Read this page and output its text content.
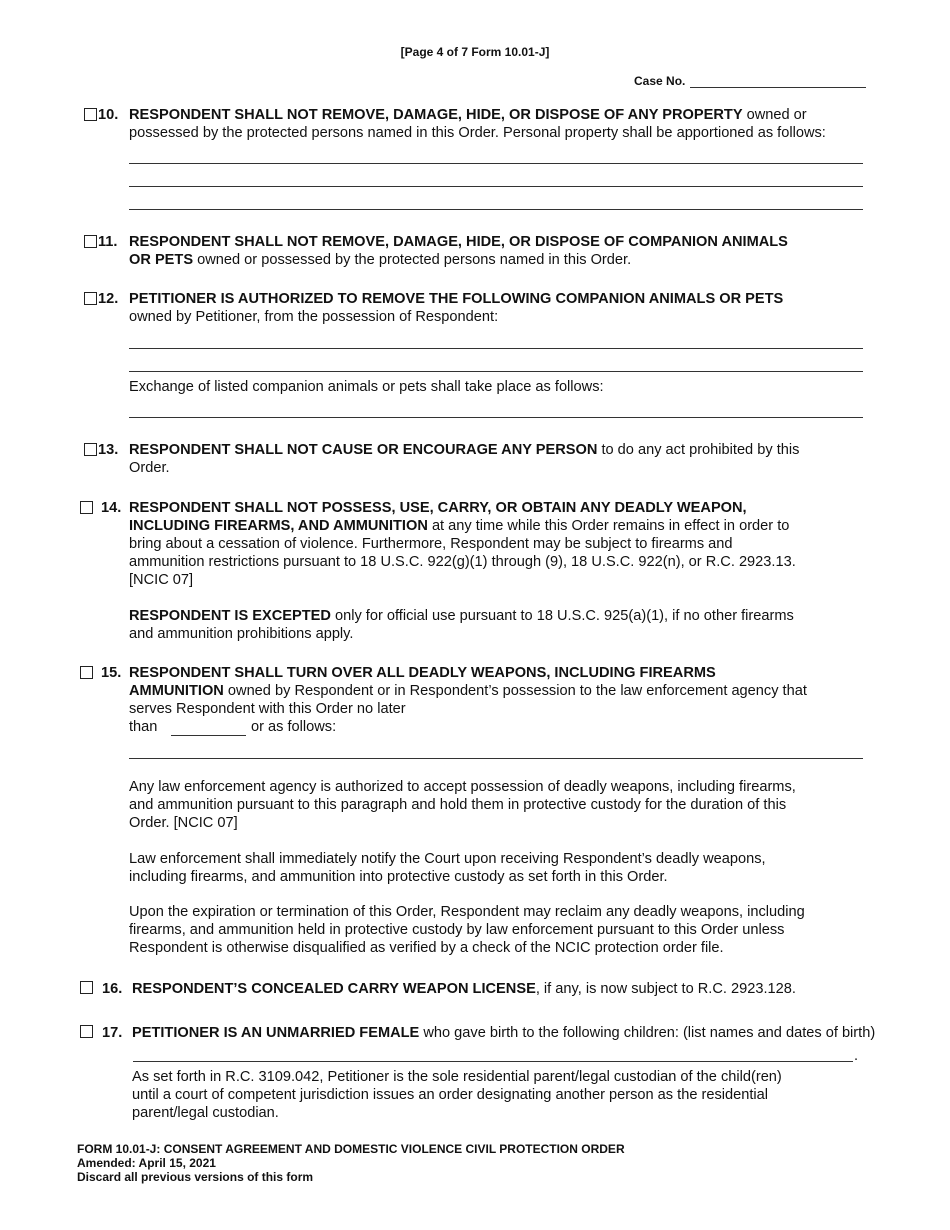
[Page 4 of 7 Form 10.01-J]
Case No.
10. RESPONDENT SHALL NOT REMOVE, DAMAGE, HIDE, OR DISPOSE OF ANY PROPERTY owned or
possessed by the protected persons named in this Order. Personal property shall be apportioned as follows:
11. RESPONDENT SHALL NOT REMOVE, DAMAGE, HIDE, OR DISPOSE OF COMPANION ANIMALS
OR PETS owned or possessed by the protected persons named in this Order.
12. PETITIONER IS AUTHORIZED TO REMOVE THE FOLLOWING COMPANION ANIMALS OR PETS
owned by Petitioner, from the possession of Respondent:
Exchange of listed companion animals or pets shall take place as follows:
13. RESPONDENT SHALL NOT CAUSE OR ENCOURAGE ANY PERSON to do any act prohibited by this
Order.
14. RESPONDENT SHALL NOT POSSESS, USE, CARRY, OR OBTAIN ANY DEADLY WEAPON,
INCLUDING FIREARMS, AND AMMUNITION at any time while this Order remains in effect in order to
bring about a cessation of violence. Furthermore, Respondent may be subject to firearms and
ammunition restrictions pursuant to 18 U.S.C. 922(g)(1) through (9), 18 U.S.C. 922(n), or R.C. 2923.13.
[NCIC 07]
RESPONDENT IS EXCEPTED only for official use pursuant to 18 U.S.C. 925(a)(1), if no other firearms
and ammunition prohibitions apply.
15. RESPONDENT SHALL TURN OVER ALL DEADLY WEAPONS, INCLUDING FIREARMS
AMMUNITION owned by Respondent or in Respondent’s possession to the law enforcement agency that
serves Respondent with this Order no later
than	or as follows:
Any law enforcement agency is authorized to accept possession of deadly weapons, including firearms,
and ammunition pursuant to this paragraph and hold them in protective custody for the duration of this
Order. [NCIC 07]
Law enforcement shall immediately notify the Court upon receiving Respondent’s deadly weapons,
including firearms, and ammunition into protective custody as set forth in this Order.
Upon the expiration or termination of this Order, Respondent may reclaim any deadly weapons, including
firearms, and ammunition held in protective custody by law enforcement pursuant to this Order unless
Respondent is otherwise disqualified as verified by a check of the NCIC protection order file.
16. RESPONDENT’S CONCEALED CARRY WEAPON LICENSE, if any, is now subject to R.C. 2923.128.
17. PETITIONER IS AN UNMARRIED FEMALE who gave birth to the following children: (list names and dates of birth)
.
As set forth in R.C. 3109.042, Petitioner is the sole residential parent/legal custodian of the child(ren)
until a court of competent jurisdiction issues an order designating another person as the residential
parent/legal custodian.
FORM 10.01-J: CONSENT AGREEMENT AND DOMESTIC VIOLENCE CIVIL PROTECTION ORDER
Amended: April 15, 2021
Discard all previous versions of this form
